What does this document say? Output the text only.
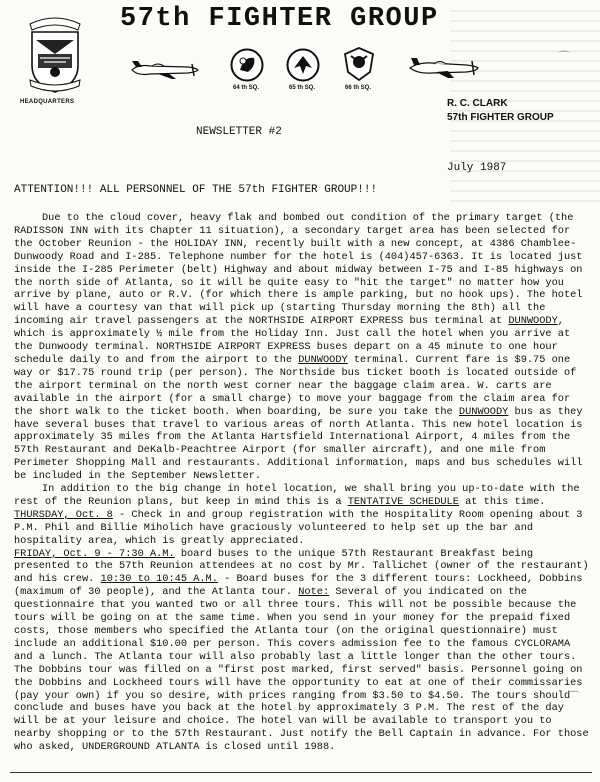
HEADQUARTERS
57th FIGHTER GROUP
64 th SQ.	65 th SQ.	66 th SQ.
R. C. CLARK
57th FIGHTER GROUP
NEWSLETTER #2
July 1987
ATTENTION!!! ALL PERSONNEL OF THE 57th FIGHTER GROUP!!!

Due to the cloud cover, heavy flak and bombed out condition of the primary target (the RADISSON INN with its Chapter 11 situation), a secondary target area has been selected for the October Reunion - the HOLIDAY INN, recently built with a new concept, at 4386 Chamblee-Dunwoody Road and I-285. Telephone number for the hotel is (404)457-6363. It is located just inside the I-285 Perimeter (belt) Highway and about midway between I-75 and I-85 highways on the north side of Atlanta, so it will be quite easy to "hit the target" no matter how you arrive by plane, auto or R.V. (for which there is ample parking, but no hook ups). The hotel will have a courtesy van that will pick up (starting Thursday morning the 8th) all the incoming air travel passengers at the NORTHSIDE AIRPORT EXPRESS bus terminal at DUNWOODY, which is approximately ½ mile from the Holiday Inn. Just call the hotel when you arrive at the Dunwoody terminal. NORTHSIDE AIRPORT EXPRESS buses depart on a 45 minute to one hour schedule daily to and from the airport to the DUNWOODY terminal. Current fare is $9.75 one way or $17.75 round trip (per person). The Northside bus ticket booth is located outside of the airport terminal on the north west corner near the baggage claim area. W. carts are available in the airport (for a small charge) to move your baggage from the claim area for the short walk to the ticket booth. When boarding, be sure you take the DUNWOODY bus as they have several buses that travel to various areas of north Atlanta. This new hotel location is approximately 35 miles from the Atlanta Hartsfield International Airport, 4 miles from the 57th Restaurant and DeKalb-Peachtree Airport (for smaller aircraft), and one mile from Perimeter Shopping Mall and restaurants. Additional information, maps and bus schedules will be included in the September Newsletter.

In addition to the big change in hotel location, we shall bring you up-to-date with the rest of the Reunion plans, but keep in mind this is a TENTATIVE SCHEDULE at this time.

THURSDAY, Oct. 8 - Check in and group registration with the Hospitality Room opening about 3 P.M. Phil and Billie Miholich have graciously volunteered to help set up the bar and hospitality area, which is greatly appreciated.

FRIDAY, Oct. 9 - 7:30 A.M. board buses to the unique 57th Restaurant Breakfast being presented to the 57th Reunion attendees at no cost by Mr. Tallichet (owner of the restaurant) and his crew. 10:30 to 10:45 A.M. - Board buses for the 3 different tours: Lockheed, Dobbins (maximum of 30 people), and the Atlanta tour. Note: Several of you indicated on the questionnaire that you wanted two or all three tours. This will not be possible because the tours will be going on at the same time. When you send in your money for the prepaid fixed costs, those members who specified the Atlanta tour (on the original questionnaire) must include an additional $10.00 per person. This covers admission fee to the famous CYCLORAMA and a lunch. The Atlanta tour will also probably last a little longer than the other tours. The Dobbins tour was filled on a "first post marked, first served" basis. Personnel going on the Dobbins and Lockheed tours will have the opportunity to eat at one of their commissaries (pay your own) if you so desire, with prices ranging from $3.50 to $4.50. The tours should conclude and buses have you back at the hotel by approximately 3 P.M. The rest of the day will be at your leisure and choice. The hotel van will be available to transport you to nearby shopping or to the 57th Restaurant. Just notify the Bell Captain in advance. For those who asked, UNDERGROUND ATLANTA is closed until 1988.

⌒
⌒
